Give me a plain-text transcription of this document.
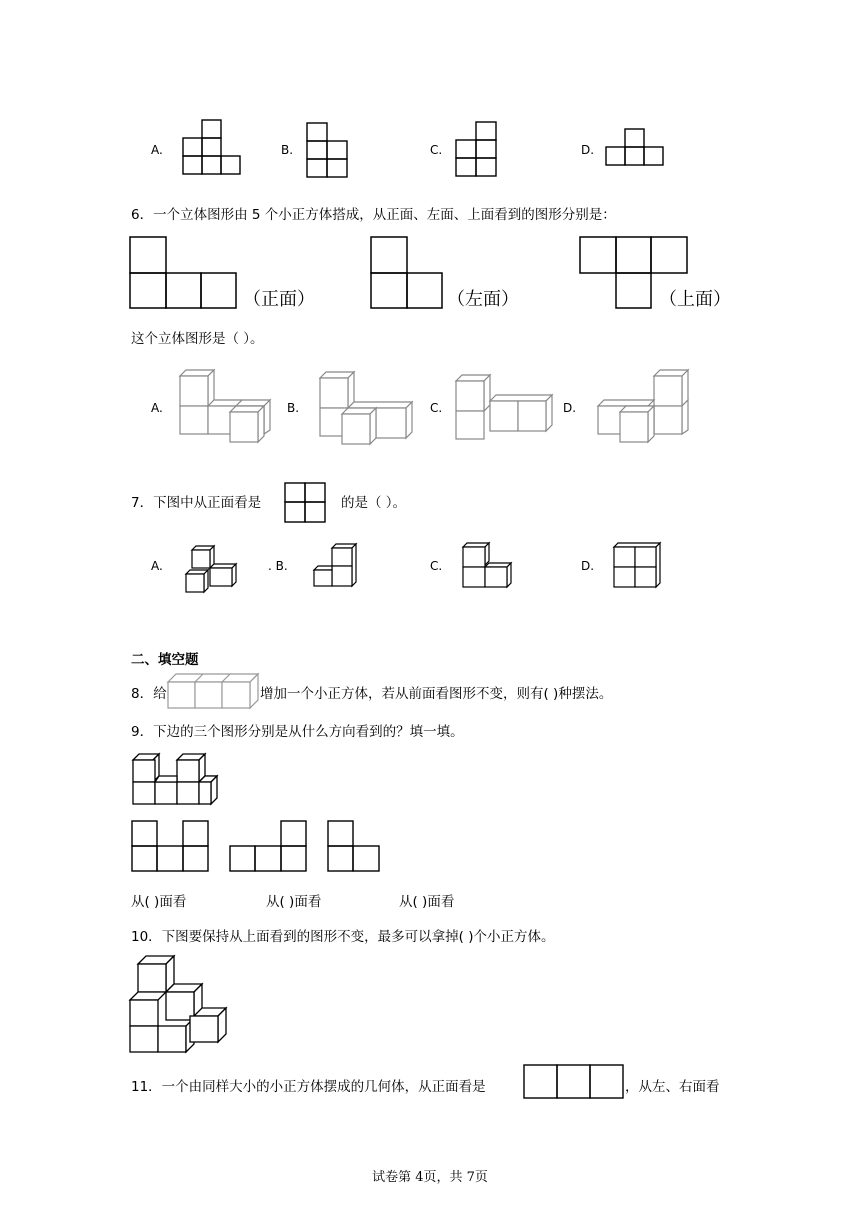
A.	B.	C.	D.
6．一个立体图形由 5 个小正方体搭成，从正面、左面、上面看到的图形分别是：
（正面）	（左面）	（上面）
这个立体图形是（ ）。
A.	B.	C.	D.
7．下图中从正面看是	的是（ ）。
A.	. B.	C.	D.
二、填空题
8．给	增加一个小正方体，若从前面看图形不变，则有( )种摆法。
9．下边的三个图形分别是从什么方向看到的？填一填。
从( )面看	从( )面看	从( )面看
10．下图要保持从上面看到的图形不变，最多可以拿掉( )个小正方体。
11．一个由同样大小的小正方体摆成的几何体，从正面看是	，从左、右面看
试卷第 4页，共 7页
